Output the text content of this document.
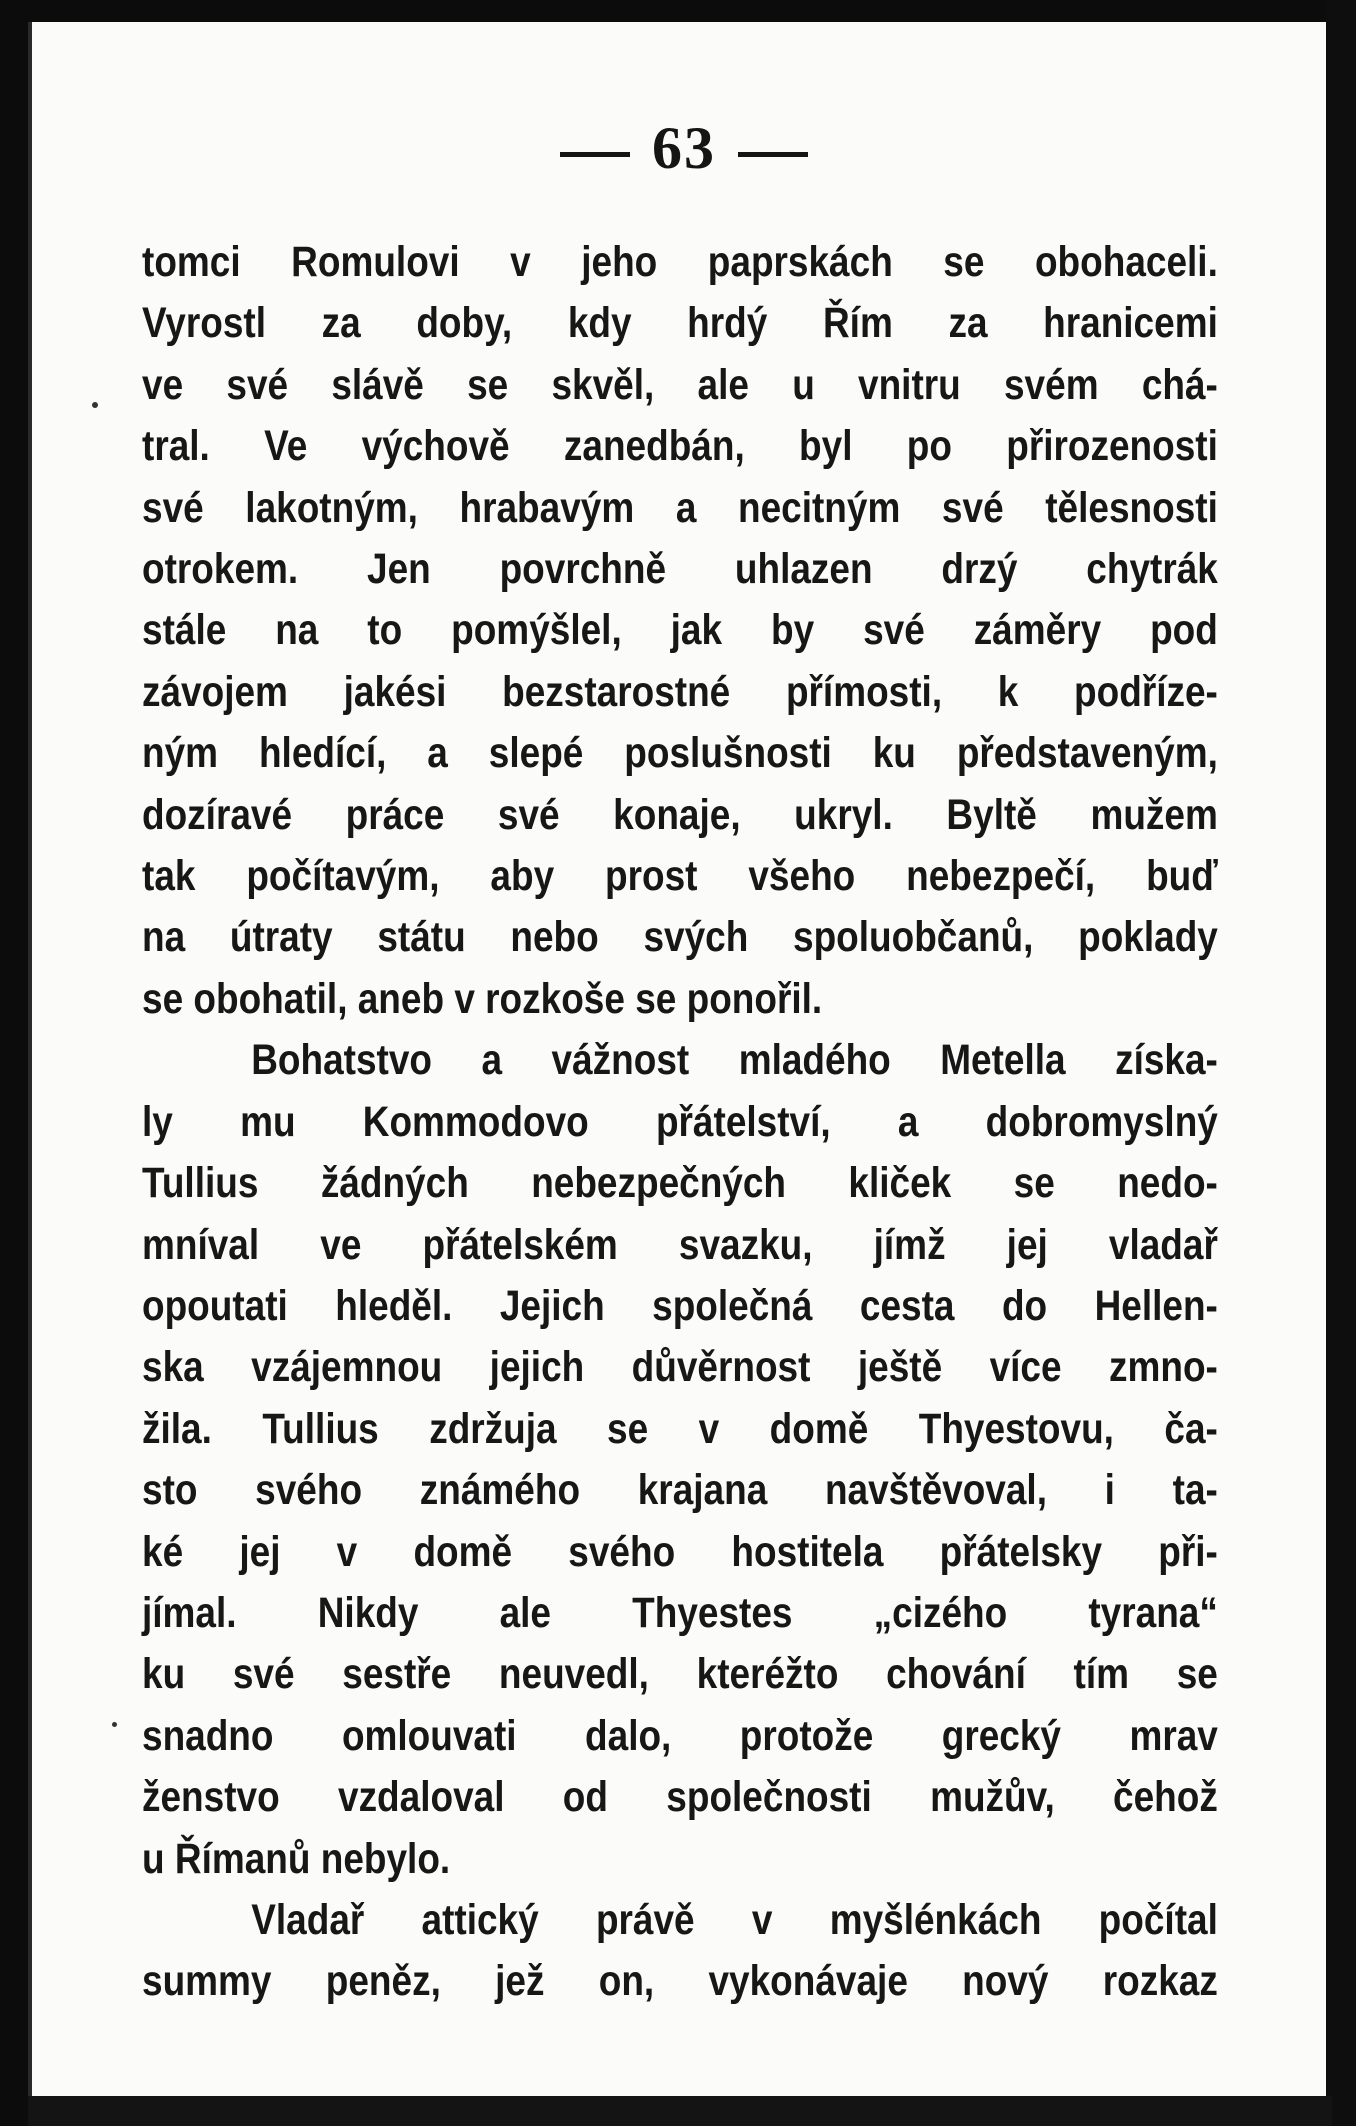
63
tomci Romulovi v jeho paprskách se obohaceli.
Vyrostl za doby, kdy hrdý Řím za hranicemi
ve své slávě se skvěl, ale u vnitru svém chá-
tral. Ve výchově zanedbán, byl po přirozenosti
své lakotným, hrabavým a necitným své tělesnosti
otrokem. Jen povrchně uhlazen drzý chytrák
stále na to pomýšlel, jak by své záměry pod
závojem jakési bezstarostné přímosti, k podříze-
ným hledící, a slepé poslušnosti ku představeným,
dozíravé práce své konaje, ukryl. Byltě mužem
tak počítavým, aby prost všeho nebezpečí, buď
na útraty státu nebo svých spoluobčanů, poklady
se obohatil, aneb v rozkoše se ponořil.
Bohatstvo a vážnost mladého Metella získa-
ly mu Kommodovo přátelství, a dobromyslný
Tullius žádných nebezpečných kliček se nedo-
mníval ve přátelském svazku, jímž jej vladař
opoutati hleděl. Jejich společná cesta do Hellen-
ska vzájemnou jejich důvěrnost ještě více zmno-
žila. Tullius zdržuja se v domě Thyestovu, ča-
sto svého známého krajana navštěvoval, i ta-
ké jej v domě svého hostitela přátelsky při-
jímal. Nikdy ale Thyestes „cizého tyrana“
ku své sestře neuvedl, kteréžto chování tím se
snadno omlouvati dalo, protože grecký mrav
ženstvo vzdaloval od společnosti mužův, čehož
u Římanů nebylo.
Vladař attický právě v myšlénkách počítal
summy peněz, jež on, vykonávaje nový rozkaz
